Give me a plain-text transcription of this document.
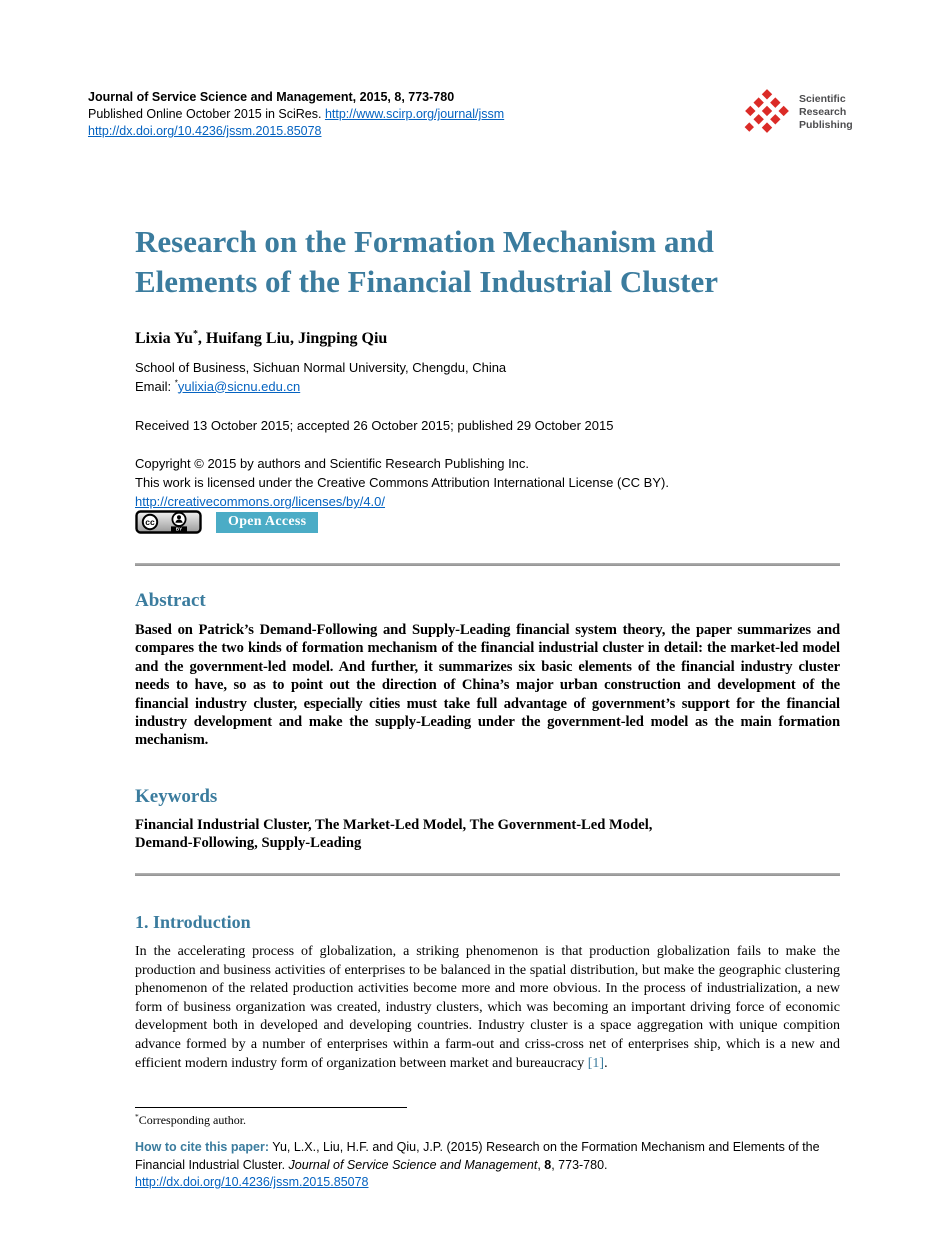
Journal of Service Science and Management, 2015, 8, 773-780
Published Online October 2015 in SciRes. http://www.scirp.org/journal/jssm
http://dx.doi.org/10.4236/jssm.2015.85078
Scientific
Research
Publishing
Research on the Formation Mechanism and
Elements of the Financial Industrial Cluster
Lixia Yu*, Huifang Liu, Jingping Qiu
School of Business, Sichuan Normal University, Chengdu, China
Email: *yulixia@sicnu.edu.cn
Received 13 October 2015; accepted 26 October 2015; published 29 October 2015
Copyright © 2015 by authors and Scientific Research Publishing Inc.
This work is licensed under the Creative Commons Attribution International License (CC BY).
http://creativecommons.org/licenses/by/4.0/
cc
BY
Open Access
Abstract
Based on Patrick’s Demand-Following and Supply-Leading financial system theory, the paper summarizes and compares the two kinds of formation mechanism of the financial industrial cluster in detail: the market-led model and the government-led model. And further, it summarizes six basic elements of the financial industry cluster needs to have, so as to point out the direction of China’s major urban construction and development of the financial industry cluster, especially cities must take full advantage of government’s support for the financial industry development and make the supply-Leading under the government-led model as the main formation mechanism.
Keywords
Financial Industrial Cluster, The Market-Led Model, The Government-Led Model,
Demand-Following, Supply-Leading
1. Introduction
In the accelerating process of globalization, a striking phenomenon is that production globalization fails to make the production and business activities of enterprises to be balanced in the spatial distribution, but make the geographic clustering phenomenon of the related production activities become more and more obvious. In the process of industrialization, a new form of business organization was created, industry clusters, which was becoming an important driving force of economic development both in developed and developing countries. Industry cluster is a space aggregation with unique compition advance formed by a number of enterprises within a farm-out and criss-cross net of enterprises ship, which is a new and efficient modern industry form of organization between market and bureaucracy [1].
*Corresponding author.
How to cite this paper: Yu, L.X., Liu, H.F. and Qiu, J.P. (2015) Research on the Formation Mechanism and Elements of the Financial Industrial Cluster. Journal of Service Science and Management, 8, 773-780.
http://dx.doi.org/10.4236/jssm.2015.85078
